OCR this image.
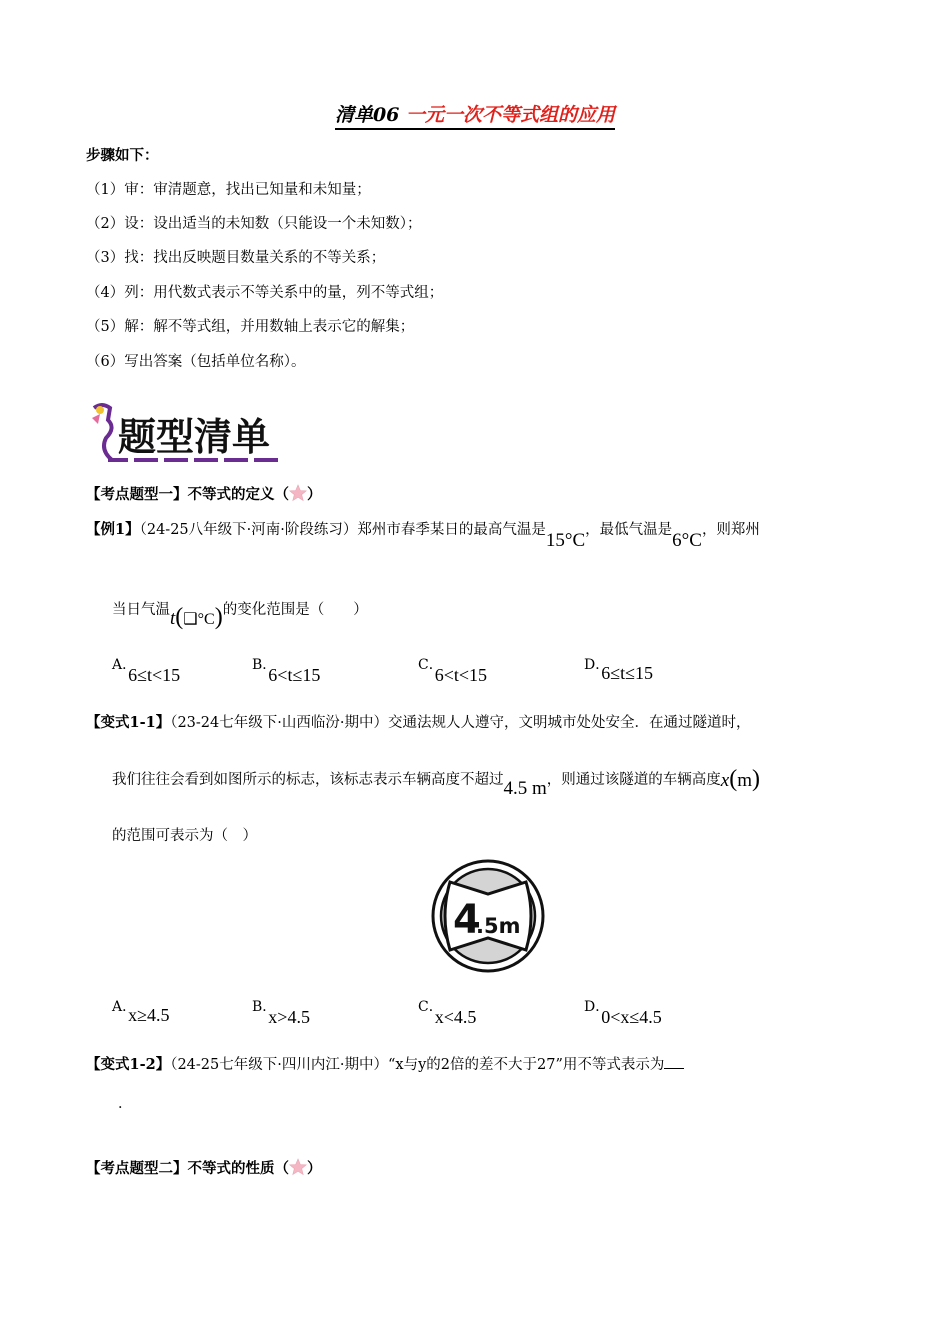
清单06 一元一次不等式组的应用
步骤如下：
（1）审：审清题意，找出已知量和未知量；
（2）设：设出适当的未知数（只能设一个未知数）；
（3）找：找出反映题目数量关系的不等关系；
（4）列：用代数式表示不等关系中的量，列不等式组；
（5）解：解不等式组，并用数轴上表示它的解集；
（6）写出答案（包括单位名称）。
题型清单
【考点题型一】不等式的定义（ ）
【例1】（24-25八年级下·河南·阶段练习）郑州市春季某日的最高气温是15°C，最低气温是6°C，则郑州
当日气温t(❑°C)的变化范围是（　　）
A．6≤t<15	B．6<t≤15	C．6<t<15	D．6≤t≤15
【变式1-1】（23-24七年级下·山西临汾·期中）交通法规人人遵守，文明城市处处安全．在通过隧道时，
我们往往会看到如图所示的标志，该标志表示车辆高度不超过4.5 m，则通过该隧道的车辆高度x(m)
的范围可表示为（　）
4
.5m
A．x≥4.5	B．x>4.5	C．x<4.5	D．0<x≤4.5
【变式1-2】（24-25七年级下·四川内江·期中）“x与y的2倍的差不大于27”用不等式表示为
．
【考点题型二】不等式的性质（ ）
